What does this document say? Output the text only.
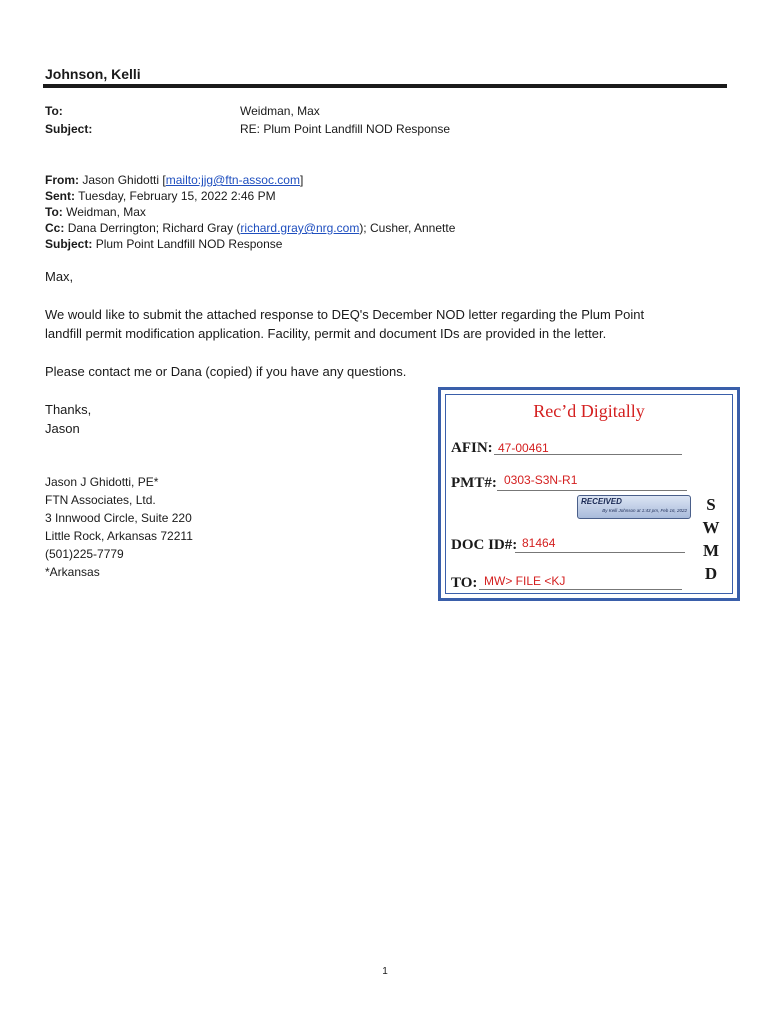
Johnson, Kelli
To:	Weidman, Max
Subject:	RE: Plum Point Landfill NOD Response
From: Jason Ghidotti [mailto:jjg@ftn-assoc.com]
Sent: Tuesday, February 15, 2022 2:46 PM
To: Weidman, Max
Cc: Dana Derrington; Richard Gray (richard.gray@nrg.com); Cusher, Annette
Subject: Plum Point Landfill NOD Response
Max,
We would like to submit the attached response to DEQ's December NOD letter regarding the Plum Point
landfill permit modification application. Facility, permit and document IDs are provided in the letter.
Please contact me or Dana (copied) if you have any questions.
Thanks,
Jason
Jason J Ghidotti, PE*
FTN Associates, Ltd.
3 Innwood Circle, Suite 220
Little Rock, Arkansas 72211
(501)225-7779
*Arkansas
Rec’d Digitally
AFIN: 47-00461
PMT#: 0303-S3N-R1
RECEIVED
By Kelli Johnson at 1:43 pm, Feb 16, 2022
DOC ID#: 81464
TO: MW> FILE <KJ
S
W
M
D
1
